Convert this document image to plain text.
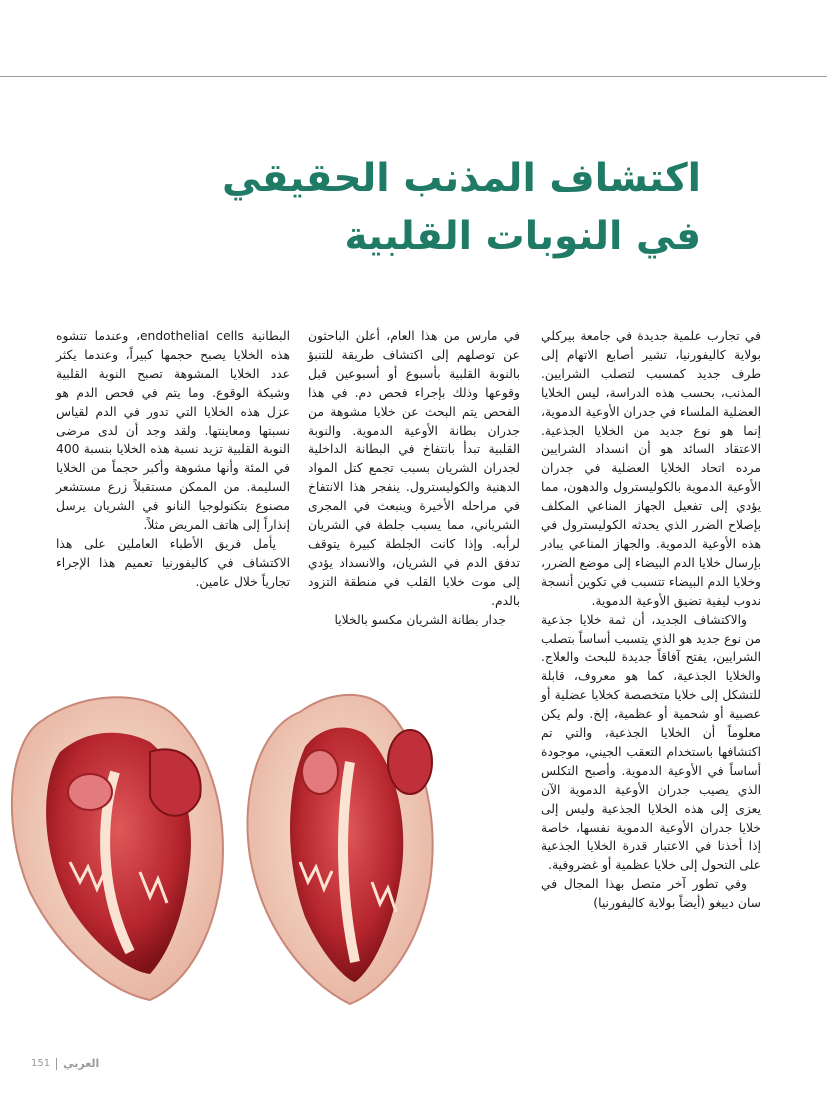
اكتشاف المذنب الحقيقي
في النوبات القلبية

في تجارب علمية جديدة في جامعة بيركلي بولاية كاليفورنيا، تشير أصابع الاتهام إلى طرف جديد كمسبب لتصلب الشرايين. المذنب، بحسب هذه الدراسة، ليس الخلايا العضلية الملساء في جدران الأوعية الدموية، إنما هو نوع جديد من الخلايا الجذعية. الاعتقاد السائد هو أن انسداد الشرايين مرده اتحاد الخلايا العضلية في جدران الأوعية الدموية بالكوليسترول والدهون، مما يؤدي إلى تفعيل الجهاز المناعي المكلف بإصلاح الضرر الذي يحدثه الكوليسترول في هذه الأوعية الدموية. والجهاز المناعي يبادر بإرسال خلايا الدم البيضاء إلى موضع الضرر، وخلايا الدم البيضاء تتسبب في تكوين أنسجة ندوب ليفية تضيق الأوعية الدموية.

والاكتشاف الجديد، أن ثمة خلايا جذعية من نوع جديد هو الذي يتسبب أساساً بتصلب الشرايين، يفتح آفاقاً جديدة للبحث والعلاج. والخلايا الجذعية، كما هو معروف، قابلة للتشكل إلى خلايا متخصصة كخلايا عضلية أو عصبية أو شحمية أو عظمية، إلخ. ولم يكن معلوماً أن الخلايا الجذعية، والتي تم اكتشافها باستخدام التعقب الجيني، موجودة أساساً في الأوعية الدموية. وأصبح التكلس الذي يصيب جدران الأوعية الدموية الآن يعزى إلى هذه الخلايا الجذعية وليس إلى خلايا جدران الأوعية الدموية نفسها، خاصة إذا أخذنا في الاعتبار قدرة الخلايا الجذعية على التحول إلى خلايا عظمية أو غضروفية.

وفي تطور آخر متصل بهذا المجال في سان دييغو (أيضاً بولاية كاليفورنيا)

في مارس من هذا العام، أعلن الباحثون عن توصلهم إلى اكتشاف طريقة للتنبؤ بالنوبة القلبية بأسبوع أو أسبوعين قبل وقوعها وذلك بإجراء فحص دم. في هذا الفحص يتم البحث عن خلايا مشوهة من جدران بطانة الأوعية الدموية. والنوبة القلبية تبدأ بانتفاخ في البطانة الداخلية لجدران الشريان بسبب تجمع كتل المواد الدهنية والكوليسترول. ينفجر هذا الانتفاخ في مراحله الأخيرة وينبعث في المجرى الشرياني، مما يسبب جلطة في الشريان لرأبه. وإذا كانت الجلطة كبيرة يتوقف تدفق الدم في الشريان، والانسداد يؤدي إلى موت خلايا القلب في منطقة التزود بالدم.

جدار بطانة الشريان مكسو بالخلايا

البطانية endothelial cells، وعندما تتشوه هذه الخلايا يصبح حجمها كبيراً، وعندما يكثر عدد الخلايا المشوهة تصبح النوبة القلبية وشيكة الوقوع. وما يتم في فحص الدم هو عزل هذه الخلايا التي تدور في الدم لقياس نسبتها ومعاينتها. ولقد وجد أن لدى مرضى النوبة القلبية تزيد نسبة هذه الخلايا بنسبة 400 في المئة وأنها مشوهة وأكبر حجماً من الخلايا السليمة. من الممكن مستقبلاً زرع مستشعر مصنوع بتكنولوجيا النانو في الشريان يرسل إنذاراً إلى هاتف المريض مثلاً.

يأمل فريق الأطباء العاملين على هذا الاكتشاف في كاليفورنيا تعميم هذا الإجراء تجارياً خلال عامين.

151 العربي
